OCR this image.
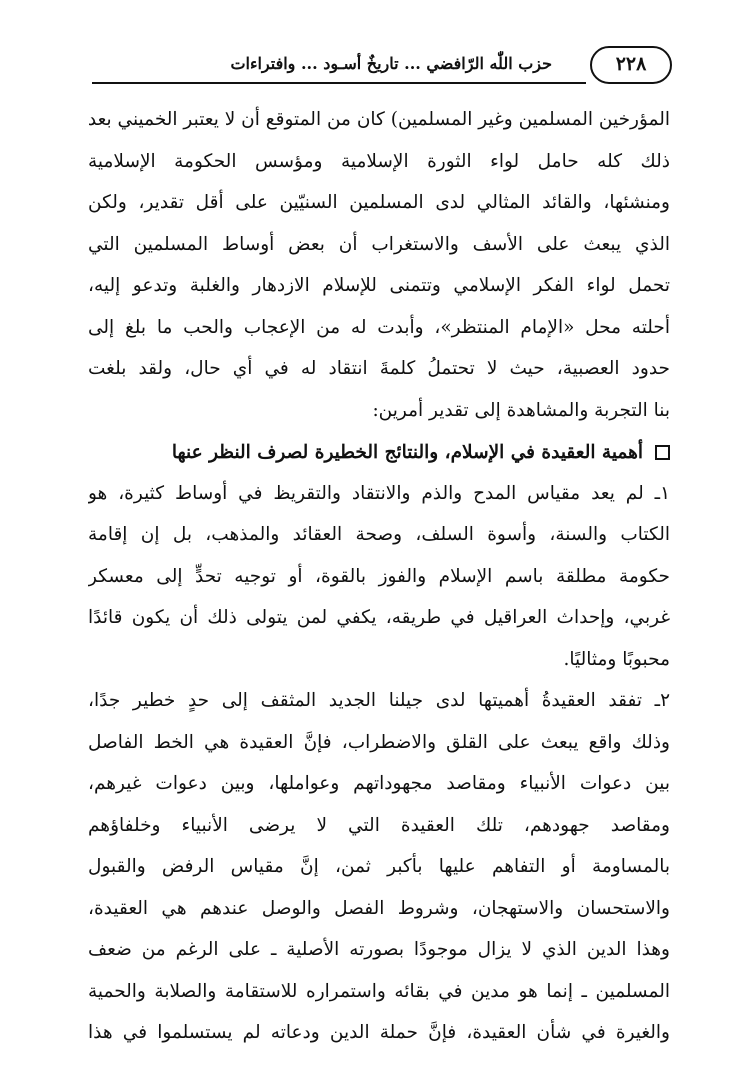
حزب اللّٰه الرّافضي ... تاريخٌ أسـود ... وافتراءات	٢٢٨
المؤرخين المسلمين وغير المسلمين) كان من المتوقع أن لا يعتبر الخميني بعد
ذلك كله حامل لواء الثورة الإسلامية ومؤسس الحكومة الإسلامية
ومنشئها، والقائد المثالي لدى المسلمين السنيّين على أقل تقدير، ولكن
الذي يبعث على الأسف والاستغراب أن بعض أوساط المسلمين التي
تحمل لواء الفكر الإسلامي وتتمنى للإسلام الازدهار والغلبة وتدعو إليه،
أحلته محل «الإمام المنتظر»، وأبدت له من الإعجاب والحب ما بلغ إلى
حدود العصبية، حيث لا تحتملُ كلمةَ انتقاد له في أي حال، ولقد بلغت
بنا التجربة والمشاهدة إلى تقدير أمرين:
أهمية العقيدة في الإسلام، والنتائج الخطيرة لصرف النظر عنها
١ـ لم يعد مقياس المدح والذم والانتقاد والتقريظ في أوساط كثيرة، هو
الكتاب والسنة، وأسوة السلف، وصحة العقائد والمذهب، بل إن إقامة
حكومة مطلقة باسم الإسلام والفوز بالقوة، أو توجيه تحدٍّ إلى معسكر
غربي، وإحداث العراقيل في طريقه، يكفي لمن يتولى ذلك أن يكون قائدًا
محبوبًا ومثاليًا.
٢ـ تفقد العقيدةُ أهميتها لدى جيلنا الجديد المثقف إلى حدٍ خطير جدًا،
وذلك واقع يبعث على القلق والاضطراب، فإنَّ العقيدة هي الخط الفاصل
بين دعوات الأنبياء ومقاصد مجهوداتهم وعواملها، وبين دعوات غيرهم،
ومقاصد جهودهم، تلك العقيدة التي لا يرضى الأنبياء وخلفاؤهم
بالمساومة أو التفاهم عليها بأكبر ثمن، إنَّ مقياس الرفض والقبول
والاستحسان والاستهجان، وشروط الفصل والوصل عندهم هي العقيدة،
وهذا الدين الذي لا يزال موجودًا بصورته الأصلية ـ على الرغم من ضعف
المسلمين ـ إنما هو مدين في بقائه واستمراره للاستقامة والصلابة والحمية
والغيرة في شأن العقيدة، فإنَّ حملة الدين ودعاته لم يستسلموا في هذا
